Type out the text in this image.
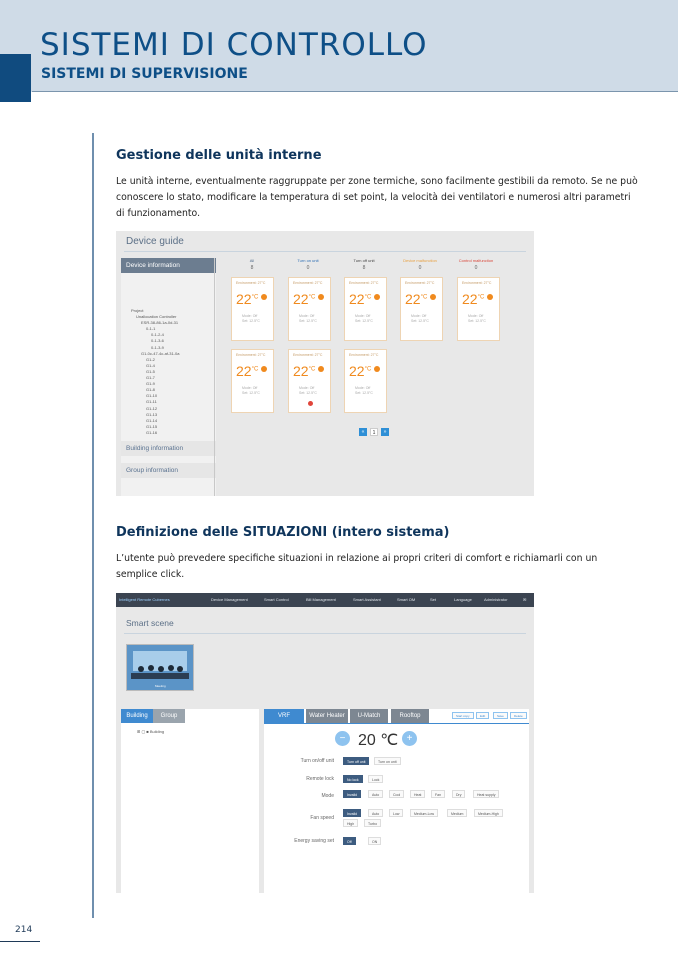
SISTEMI DI CONTROLLO
SISTEMI DI SUPERVISIONE
Gestione delle unità interne
Le unità interne, eventualmente raggruppate per zone termiche, sono facilmente gestibili da remoto. Se ne può conoscere lo stato, modificare la temperatura di set point, la velocità dei ventilatori e numerosi altri parametri di funzionamento.
Device guide
Device information
Project
Unallocation Controller
ESR-38-86-1a-0d-31
0-1-1
0-1-2-4
0-1-3-6
0-1-3-9
G1-0c-47-4c-af-31-0a
G1-2
G1-4
G1-5
G1-7
G1-9
G1-8
G1-10
G1-11
G1-12
G1-13
G1-14
G1-15
G1-16
Building information
Group information
All
8
Turn on unit
0
Turn off unit
8
Device malfunction
0
Control malfunction
0
Environment: 27°C
$22^{^\circ C}$
Mode: Off
Set: 12.5°C
Environment: 27°C
$22^{^\circ C}$
Mode: Off
Set: 12.5°C
Environment: 27°C
$22^{^\circ C}$
Mode: Off
Set: 12.5°C
Environment: 27°C
$22^{^\circ C}$
Mode: Off
Set: 12.5°C
Environment: 27°C
$22^{^\circ C}$
Mode: Off
Set: 12.5°C
Environment: 27°C
$22^{^\circ C}$
Mode: Off
Set: 12.5°C
Environment: 27°C
$22^{^\circ C}$
Mode: Off
Set: 12.5°C
Environment: 27°C
$22^{^\circ C}$
Mode: Off
Set: 12.5°C
«	1	»
Definizione delle SITUAZIONI (intero sistema)
L’utente può prevedere specifiche situazioni in relazione ai propri criteri di comfort e richiamarli con un semplice click.
Intelligent Remote Cubernes	✉
Device Management	Smart Control	Bill Management	Smart Assistant	Smart OM	Set	Language	Administrator
Smart scene
Meeting
Building	Group
⊞ ▢ ■ Building
VRF	Water Heater	U-Match	Rooftop	Start copy	Edit	Save	Delete
− 20 ℃ +
Turn on/off unit	Turn off unit	Turn on unit
Remote lock	No lock	Lock
Mode	Invalid	Auto	Cool	Heat	Fan	Dry	Heat supply
Fan speed
Invalid	Auto	Low	Medium-Low	Medium	Medium-High
High	Turbo
Energy saving set	Off	ON
214
